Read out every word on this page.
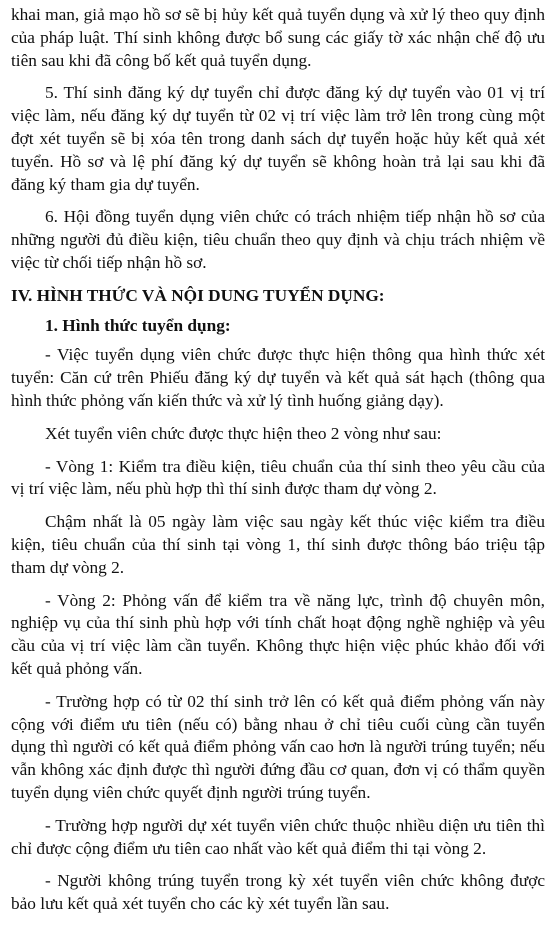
khai man, giả mạo hồ sơ sẽ bị hủy kết quả tuyển dụng và xử lý theo quy định của pháp luật. Thí sinh không được bổ sung các giấy tờ xác nhận chế độ ưu tiên sau khi đã công bố kết quả tuyển dụng.

5. Thí sinh đăng ký dự tuyển chỉ được đăng ký dự tuyển vào 01 vị trí việc làm, nếu đăng ký dự tuyển từ 02 vị trí việc làm trở lên trong cùng một đợt xét tuyển sẽ bị xóa tên trong danh sách dự tuyển hoặc hủy kết quả xét tuyển. Hồ sơ và lệ phí đăng ký dự tuyển sẽ không hoàn trả lại sau khi đã đăng ký tham gia dự tuyển.

6. Hội đồng tuyển dụng viên chức có trách nhiệm tiếp nhận hồ sơ của những người đủ điều kiện, tiêu chuẩn theo quy định và chịu trách nhiệm về việc từ chối tiếp nhận hồ sơ.

IV. HÌNH THỨC VÀ NỘI DUNG TUYỂN DỤNG:
1. Hình thức tuyển dụng:

- Việc tuyển dụng viên chức được thực hiện thông qua hình thức xét tuyển: Căn cứ trên Phiếu đăng ký dự tuyển và kết quả sát hạch (thông qua hình thức phỏng vấn kiến thức và xử lý tình huống giảng dạy).

Xét tuyển viên chức được thực hiện theo 2 vòng như sau:

- Vòng 1: Kiểm tra điều kiện, tiêu chuẩn của thí sinh theo yêu cầu của vị trí việc làm, nếu phù hợp thì thí sinh được tham dự vòng 2.

Chậm nhất là 05 ngày làm việc sau ngày kết thúc việc kiểm tra điều kiện, tiêu chuẩn của thí sinh tại vòng 1, thí sinh được thông báo triệu tập tham dự vòng 2.

- Vòng 2: Phỏng vấn để kiểm tra về năng lực, trình độ chuyên môn, nghiệp vụ của thí sinh phù hợp với tính chất hoạt động nghề nghiệp và yêu cầu của vị trí việc làm cần tuyển. Không thực hiện việc phúc khảo đối với kết quả phỏng vấn.

- Trường hợp có từ 02 thí sinh trở lên có kết quả điểm phỏng vấn này cộng với điểm ưu tiên (nếu có) bằng nhau ở chỉ tiêu cuối cùng cần tuyển dụng thì người có kết quả điểm phỏng vấn cao hơn là người trúng tuyển; nếu vẫn không xác định được thì người đứng đầu cơ quan, đơn vị có thẩm quyền tuyển dụng viên chức quyết định người trúng tuyển.

- Trường hợp người dự xét tuyển viên chức thuộc nhiều diện ưu tiên thì chỉ được cộng điểm ưu tiên cao nhất vào kết quả điểm thi tại vòng 2.

- Người không trúng tuyển trong kỳ xét tuyển viên chức không được bảo lưu kết quả xét tuyển cho các kỳ xét tuyển lần sau.
